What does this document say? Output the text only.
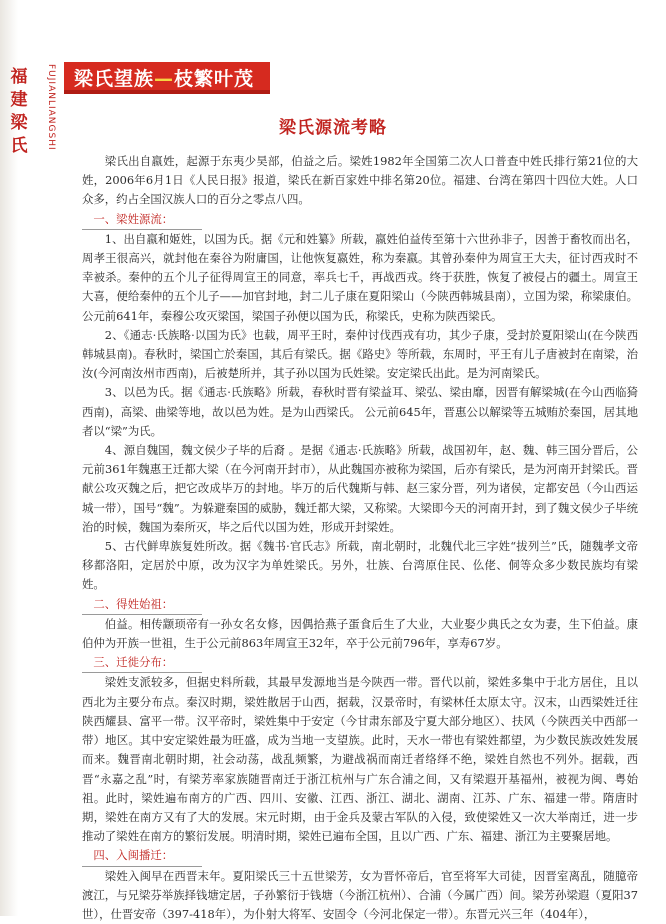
福建梁氏	FUJIANLIANGSHI 梁氏望族—枝繁叶茂
梁氏源流考略

梁氏出自嬴姓，起源于东夷少昊部，伯益之后。梁姓1982年全国第二次人口普查中姓氏排行第21位的大姓，2006年6月1日《人民日报》报道，梁氏在新百家姓中排名第20位。福建、台湾在第四十四位大姓。人口众多，约占全国汉族人口的百分之零点八四。

一、梁姓源流：

1、出自嬴和姬姓，以国为氏。据《元和姓纂》所载，嬴姓伯益传至第十六世孙非子，因善于畜牧而出名，周孝王很高兴，就封他在秦谷为附庸国，让他恢复嬴姓，称为秦嬴。其曾孙秦仲为周宣王大夫，征讨西戎时不幸被杀。秦仲的五个儿子征得周宣王的同意，率兵七千，再战西戎。终于获胜，恢复了被侵占的疆土。周宣王大喜，便给秦仲的五个儿子——加官封地，封二儿子康在夏阳梁山（今陕西韩城县南），立国为梁，称梁康伯。公元前641年，秦穆公攻灭梁国，梁国子孙便以国为氏，称梁氏，史称为陕西梁氏。

2、《通志·氏族略·以国为氏》也载，周平王时，秦仲讨伐西戎有功，其少子康，受封於夏阳梁山(在今陕西韩城县南)。春秋时，梁国亡於秦国，其后有梁氏。据《路史》等所载，东周时，平王有儿子唐被封在南梁，治汝(今河南汝州市西南)，后被楚所并，其子孙以国为氏姓梁。安定梁氏出此。是为河南梁氏。

3、以邑为氏。据《通志·氏族略》所载，春秋时晋有梁益耳、梁弘、梁由靡，因晋有解梁城(在今山西临猗西南)，高梁、曲梁等地，故以邑为姓。是为山西梁氏。 公元前645年，晋惠公以解梁等五城贿於秦国，居其地者以“梁”为氏。

4、源自魏国，魏文侯少子毕的后裔 。是据《通志·氏族略》所载，战国初年，赵、魏、韩三国分晋后，公元前361年魏惠王迁都大梁（在今河南开封市），从此魏国亦被称为梁国，后亦有梁氏，是为河南开封梁氏。晋献公攻灭魏之后，把它改成毕万的封地。毕万的后代魏斯与韩、赵三家分晋，列为诸侯，定都安邑（今山西运城一带），国号“魏”。为躲避秦国的威胁，魏迁都大梁，又称梁。大梁即今天的河南开封，到了魏文侯少子毕统治的时候，魏国为秦所灭，毕之后代以国为姓，形成开封梁姓。

5、古代鲜卑族复姓所改。据《魏书·官氏志》所载，南北朝时，北魏代北三字姓“拔列兰”氏，随魏孝文帝移都洛阳，定居於中原，改为汉字为单姓梁氏。另外，壮族、台湾原住民、仫佬、侗等众多少数民族均有梁姓。

二、得姓始祖：

伯益。相传颛顼帝有一孙女名女修，因偶拾燕子蛋食后生了大业，大业娶少典氏之女为妻，生下伯益。康伯仲为开族一世祖，生于公元前863年周宣王32年，卒于公元前796年，享寿67岁。

三、迁徙分布：

梁姓支派较多，但据史料所载，其最早发源地当是今陕西一带。晋代以前，梁姓多集中于北方居住，且以西北为主要分布点。秦汉时期，梁姓散居于山西，据载，汉景帝时，有梁林任太原太守。汉末，山西梁姓迁往陕西耀县、富平一带。汉平帝时，梁姓集中于安定（今甘肃东部及宁夏大部分地区）、扶风（今陕西关中西部一带）地区。其中安定梁姓最为旺盛，成为当地一支望族。此时，天水一带也有梁姓都望，为少数民族改姓发展而来。魏晋南北朝时期，社会动荡，战乱频繁，为避战祸而南迁者络绎不绝，梁姓自然也不列外。据载，西晋“永嘉之乱”时，有梁芳率家族随晋南迁于浙江杭州与广东合浦之间，又有梁遐开基福州，被视为闽、粤始祖。此时，梁姓遍布南方的广西、四川、安徽、江西、浙江、湖北、湖南、江苏、广东、福建一带。隋唐时期，梁姓在南方又有了大的发展。宋元时期，由于金兵及蒙古军队的入侵，致使梁姓又一次大举南迁，进一步推动了梁姓在南方的繁衍发展。明清时期，梁姓已遍布全国，且以广西、广东、福建、浙江为主要聚居地。

四、入闽播迁：

梁姓入闽早在西晋末年。夏阳梁氏三十五世梁芳，女为晋怀帝后，官至将军大司徒，因晋室离乱，随臆帝渡江，与兄梁芬举族择钱塘定居，子孙繁衍于钱塘（今浙江杭州）、合浦（今属广西）间。梁芳孙梁遐（夏阳37世），仕晋安帝（397-418年），为仆射大将军、安固令（今河北保定一带）。东晋元兴三年（404年），
